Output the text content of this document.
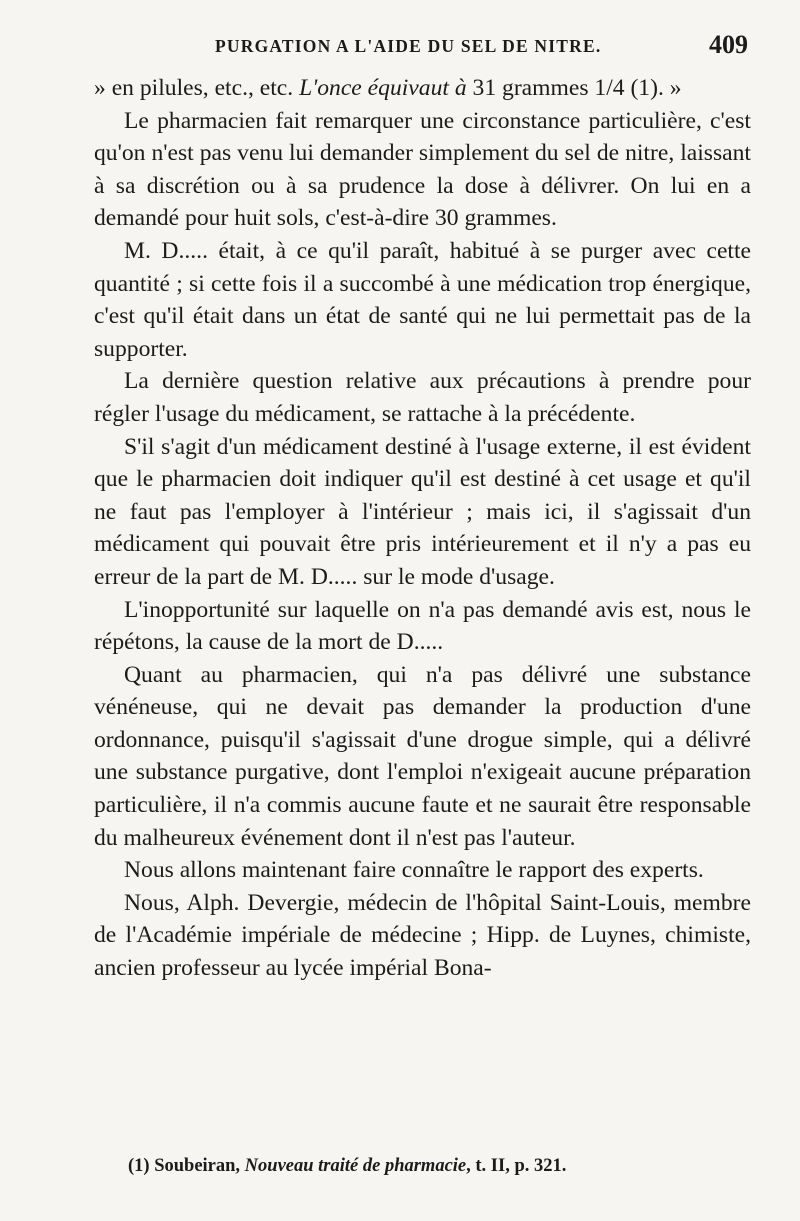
PURGATION A L'AIDE DU SEL DE NITRE.	409

» en pilules, etc., etc. L'once équivaut à 31 grammes 1/4 (1). »

Le pharmacien fait remarquer une circonstance particulière, c'est qu'on n'est pas venu lui demander simplement du sel de nitre, laissant à sa discrétion ou à sa prudence la dose à délivrer. On lui en a demandé pour huit sols, c'est-à-dire 30 grammes.

M. D..... était, à ce qu'il paraît, habitué à se purger avec cette quantité ; si cette fois il a succombé à une médication trop énergique, c'est qu'il était dans un état de santé qui ne lui permettait pas de la supporter.

La dernière question relative aux précautions à prendre pour régler l'usage du médicament, se rattache à la précédente.

S'il s'agit d'un médicament destiné à l'usage externe, il est évident que le pharmacien doit indiquer qu'il est destiné à cet usage et qu'il ne faut pas l'employer à l'intérieur ; mais ici, il s'agissait d'un médicament qui pouvait être pris intérieurement et il n'y a pas eu erreur de la part de M. D..... sur le mode d'usage.

L'inopportunité sur laquelle on n'a pas demandé avis est, nous le répétons, la cause de la mort de D.....

Quant au pharmacien, qui n'a pas délivré une substance vénéneuse, qui ne devait pas demander la production d'une ordonnance, puisqu'il s'agissait d'une drogue simple, qui a délivré une substance purgative, dont l'emploi n'exigeait aucune préparation particulière, il n'a commis aucune faute et ne saurait être responsable du malheureux événement dont il n'est pas l'auteur.

Nous allons maintenant faire connaître le rapport des experts.

Nous, Alph. Devergie, médecin de l'hôpital Saint-Louis, membre de l'Académie impériale de médecine ; Hipp. de Luynes, chimiste, ancien professeur au lycée impérial Bona-

(1) Soubeiran, Nouveau traité de pharmacie, t. II, p. 321.
